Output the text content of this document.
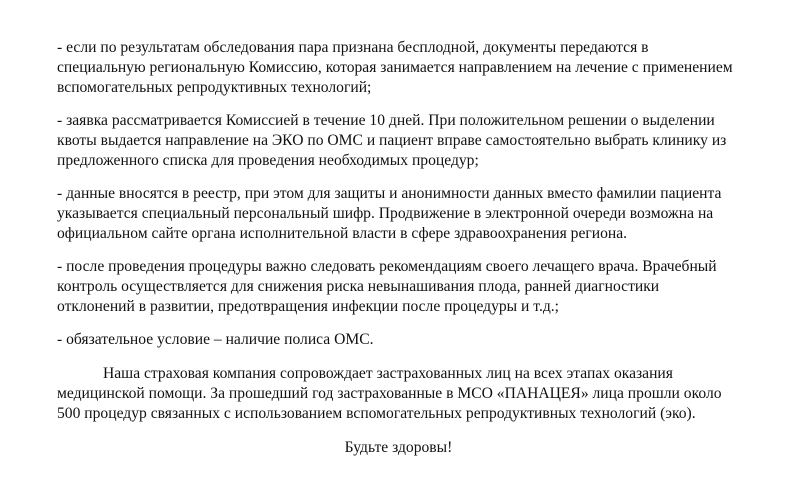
- если по результатам обследования пара признана бесплодной, документы передаются в специальную региональную Комиссию, которая занимается направлением на лечение с применением вспомогательных репродуктивных технологий;

- заявка рассматривается Комиссией в течение 10 дней. При положительном решении о выделении квоты выдается направление на ЭКО по ОМС и пациент вправе самостоятельно выбрать клинику из предложенного списка для проведения необходимых процедур;

- данные вносятся в реестр, при этом для защиты и анонимности данных вместо фамилии пациента указывается специальный персональный шифр. Продвижение в электронной очереди возможна на официальном сайте органа исполнительной власти в сфере здравоохранения региона.

- после проведения процедуры важно следовать рекомендациям своего лечащего врача. Врачебный контроль осуществляется для снижения риска невынашивания плода, ранней диагностики отклонений в развитии, предотвращения инфекции после процедуры и т.д.;

- обязательное условие – наличие полиса ОМС.

Наша страховая компания сопровождает застрахованных лиц на всех этапах оказания медицинской помощи. За прошедший год застрахованные в МСО «ПАНАЦЕЯ» лица прошли около 500 процедур связанных с использованием вспомогательных репродуктивных технологий (эко).

Будьте здоровы!
